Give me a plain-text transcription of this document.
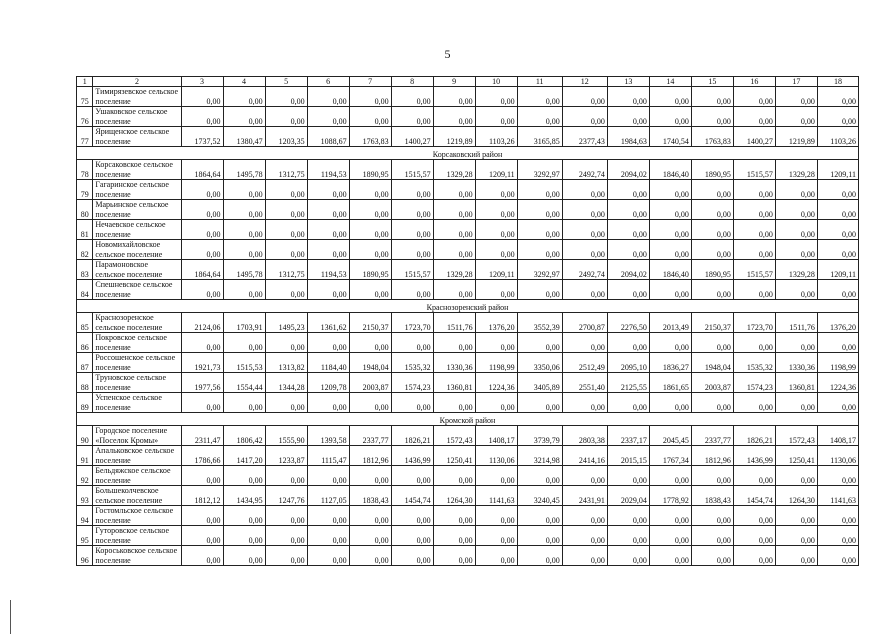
5
1	2	3	4	5	6	7	8	9	10	11	12	13	14	15	16	17	18
75	Тимирязевское сельское поселение	0,00	0,00	0,00	0,00	0,00	0,00	0,00	0,00	0,00	0,00	0,00	0,00	0,00	0,00	0,00	0,00
76	Ушаковское сельское поселение	0,00	0,00	0,00	0,00	0,00	0,00	0,00	0,00	0,00	0,00	0,00	0,00	0,00	0,00	0,00	0,00
77	Ярищенское сельское поселение	1737,52	1380,47	1203,35	1088,67	1763,83	1400,27	1219,89	1103,26	3165,85	2377,43	1984,63	1740,54	1763,83	1400,27	1219,89	1103,26
Корсаковский район																	
78	Корсаковское сельское поселение	1864,64	1495,78	1312,75	1194,53	1890,95	1515,57	1329,28	1209,11	3292,97	2492,74	2094,02	1846,40	1890,95	1515,57	1329,28	1209,11
79	Гагаринское сельское поселение	0,00	0,00	0,00	0,00	0,00	0,00	0,00	0,00	0,00	0,00	0,00	0,00	0,00	0,00	0,00	0,00
80	Марьинское сельское поселение	0,00	0,00	0,00	0,00	0,00	0,00	0,00	0,00	0,00	0,00	0,00	0,00	0,00	0,00	0,00	0,00
81	Нечаевское сельское поселение	0,00	0,00	0,00	0,00	0,00	0,00	0,00	0,00	0,00	0,00	0,00	0,00	0,00	0,00	0,00	0,00
82	Новомихайловское сельское поселение	0,00	0,00	0,00	0,00	0,00	0,00	0,00	0,00	0,00	0,00	0,00	0,00	0,00	0,00	0,00	0,00
83	Парамоновское сельское поселение	1864,64	1495,78	1312,75	1194,53	1890,95	1515,57	1329,28	1209,11	3292,97	2492,74	2094,02	1846,40	1890,95	1515,57	1329,28	1209,11
84	Спешневское сельское поселение	0,00	0,00	0,00	0,00	0,00	0,00	0,00	0,00	0,00	0,00	0,00	0,00	0,00	0,00	0,00	0,00
Краснозоренский район																	
85	Краснозоренское сельское поселение	2124,06	1703,91	1495,23	1361,62	2150,37	1723,70	1511,76	1376,20	3552,39	2700,87	2276,50	2013,49	2150,37	1723,70	1511,76	1376,20
86	Покровское сельское поселение	0,00	0,00	0,00	0,00	0,00	0,00	0,00	0,00	0,00	0,00	0,00	0,00	0,00	0,00	0,00	0,00
87	Россошенское сельское поселение	1921,73	1515,53	1313,82	1184,40	1948,04	1535,32	1330,36	1198,99	3350,06	2512,49	2095,10	1836,27	1948,04	1535,32	1330,36	1198,99
88	Труновское сельское поселение	1977,56	1554,44	1344,28	1209,78	2003,87	1574,23	1360,81	1224,36	3405,89	2551,40	2125,55	1861,65	2003,87	1574,23	1360,81	1224,36
89	Успенское сельское поселение	0,00	0,00	0,00	0,00	0,00	0,00	0,00	0,00	0,00	0,00	0,00	0,00	0,00	0,00	0,00	0,00
Кромской район																	
90	Городское поселение «Поселок Кромы»	2311,47	1806,42	1555,90	1393,58	2337,77	1826,21	1572,43	1408,17	3739,79	2803,38	2337,17	2045,45	2337,77	1826,21	1572,43	1408,17
91	Апальковское сельское поселение	1786,66	1417,20	1233,87	1115,47	1812,96	1436,99	1250,41	1130,06	3214,98	2414,16	2015,15	1767,34	1812,96	1436,99	1250,41	1130,06
92	Бельдяжское сельское поселение	0,00	0,00	0,00	0,00	0,00	0,00	0,00	0,00	0,00	0,00	0,00	0,00	0,00	0,00	0,00	0,00
93	Большеколчевское сельское поселение	1812,12	1434,95	1247,76	1127,05	1838,43	1454,74	1264,30	1141,63	3240,45	2431,91	2029,04	1778,92	1838,43	1454,74	1264,30	1141,63
94	Гостомльское сельское поселение	0,00	0,00	0,00	0,00	0,00	0,00	0,00	0,00	0,00	0,00	0,00	0,00	0,00	0,00	0,00	0,00
95	Гуторовское сельское поселение	0,00	0,00	0,00	0,00	0,00	0,00	0,00	0,00	0,00	0,00	0,00	0,00	0,00	0,00	0,00	0,00
96	Короськовское сельское поселение	0,00	0,00	0,00	0,00	0,00	0,00	0,00	0,00	0,00	0,00	0,00	0,00	0,00	0,00	0,00	0,00
